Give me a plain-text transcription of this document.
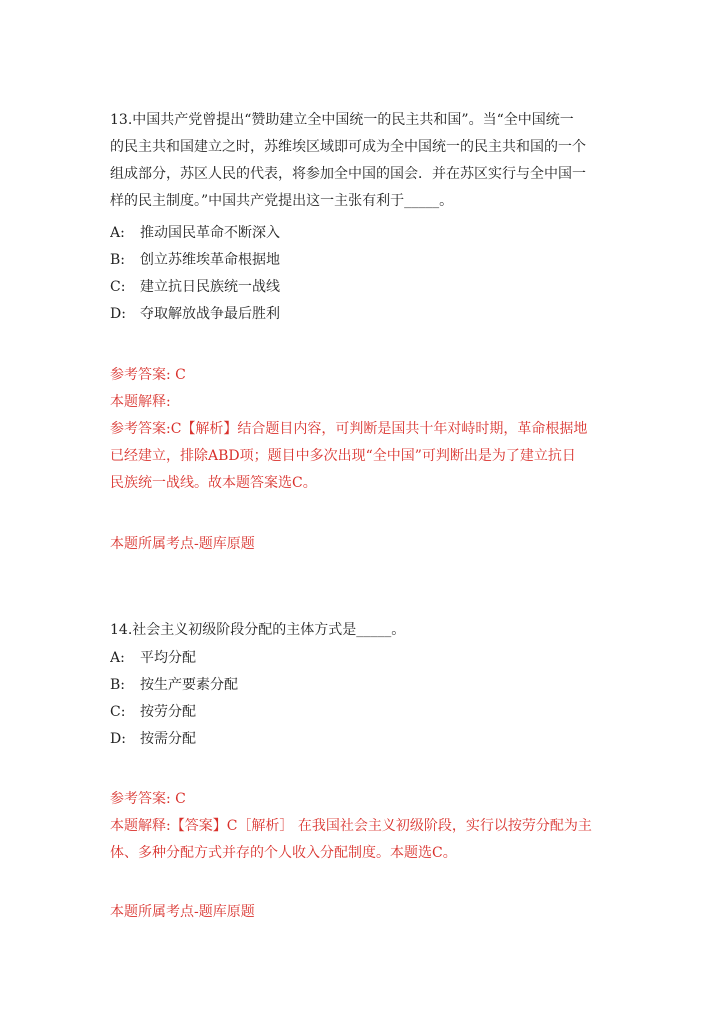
13.中国共产党曾提出“赞助建立全中国统一的民主共和国”。当“全中国统一
的民主共和国建立之时，苏维埃区域即可成为全中国统一的民主共和国的一个
组成部分，苏区人民的代表，将参加全中国的国会．并在苏区实行与全中国一
样的民主制度。”中国共产党提出这一主张有利于_____。
A: 推动国民革命不断深入
B: 创立苏维埃革命根据地
C: 建立抗日民族统一战线
D: 夺取解放战争最后胜利
参考答案: C
本题解释:
参考答案:C【解析】结合题目内容，可判断是国共十年对峙时期，革命根据地
已经建立，排除ABD项；题目中多次出现“全中国”可判断出是为了建立抗日
民族统一战线。故本题答案选C。
本题所属考点-题库原题
14.社会主义初级阶段分配的主体方式是_____。
A: 平均分配
B: 按生产要素分配
C: 按劳分配
D: 按需分配
参考答案: C
本题解释:【答案】C［解析］ 在我国社会主义初级阶段，实行以按劳分配为主
体、多种分配方式并存的个人收入分配制度。本题选C。
本题所属考点-题库原题
